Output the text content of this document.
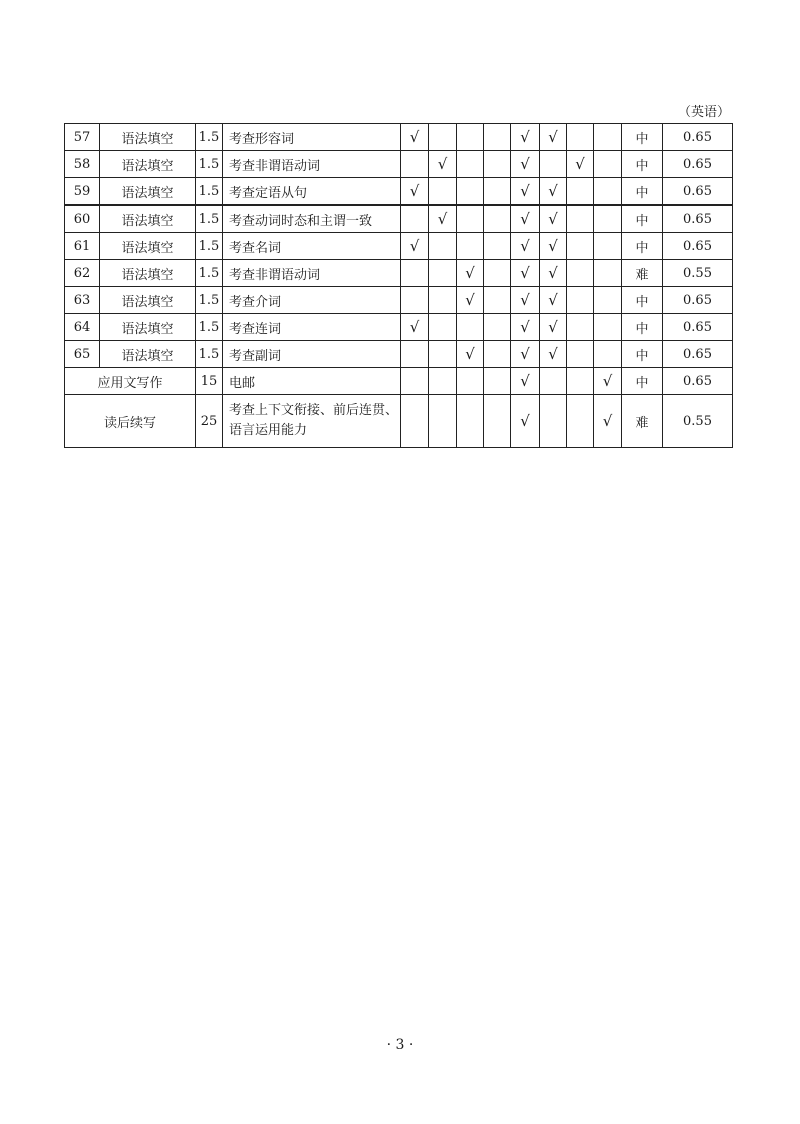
（英语）
57	语法填空	1.5	考查形容词	√				√	√			中	0.65
58	语法填空	1.5	考查非谓语动词		√			√		√		中	0.65
59	语法填空	1.5	考查定语从句	√				√	√			中	0.65
60	语法填空	1.5	考查动词时态和主谓一致		√			√	√			中	0.65
61	语法填空	1.5	考查名词	√				√	√			中	0.65
62	语法填空	1.5	考查非谓语动词			√		√	√			难	0.55
63	语法填空	1.5	考查介词			√		√	√			中	0.65
64	语法填空	1.5	考查连词	√				√	√			中	0.65
65	语法填空	1.5	考查副词			√		√	√			中	0.65
应用文写作		15	电邮					√			√	中	0.65
读后续写		25	考查上下文衔接、前后连贯、语言运用能力					√			√	难	0.55
· 3 ·
